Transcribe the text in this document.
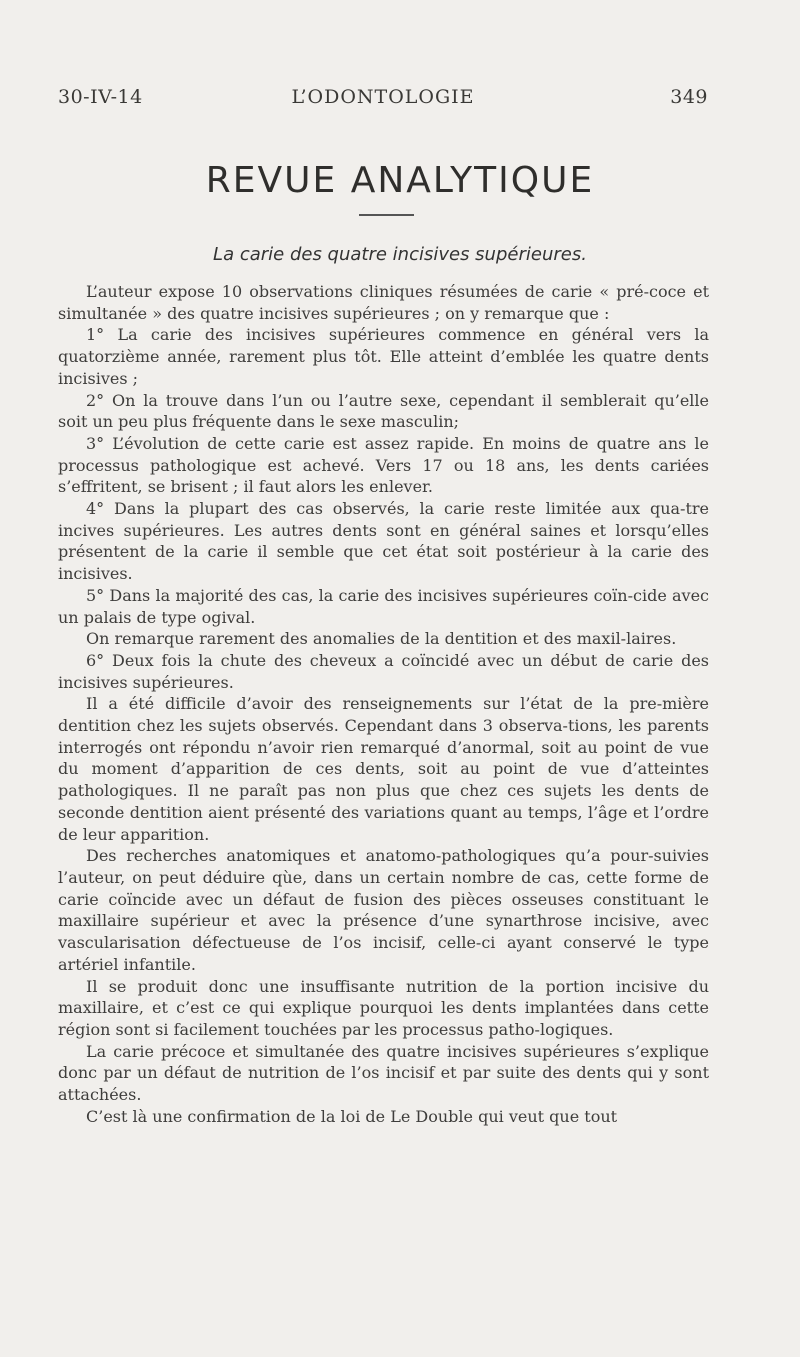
30-IV-14	L’ODONTOLOGIE	349
REVUE ANALYTIQUE
La carie des quatre incisives supérieures.

L’auteur expose 10 observations cliniques résumées de carie « pré-coce et simultanée » des quatre incisives supérieures ; on y remarque que :

1° La carie des incisives supérieures commence en général vers la quatorzième année, rarement plus tôt. Elle atteint d’emblée les quatre dents incisives ;

2° On la trouve dans l’un ou l’autre sexe, cependant il semblerait qu’elle soit un peu plus fréquente dans le sexe masculin;

3° L’évolution de cette carie est assez rapide. En moins de quatre ans le processus pathologique est achevé. Vers 17 ou 18 ans, les dents cariées s’effritent, se brisent ; il faut alors les enlever.

4° Dans la plupart des cas observés, la carie reste limitée aux qua-tre incives supérieures. Les autres dents sont en général saines et lorsqu’elles présentent de la carie il semble que cet état soit postérieur à la carie des incisives.

5° Dans la majorité des cas, la carie des incisives supérieures coïn-cide avec un palais de type ogival.

On remarque rarement des anomalies de la dentition et des maxil-laires.

6° Deux fois la chute des cheveux a coïncidé avec un début de carie des incisives supérieures.

Il a été difficile d’avoir des renseignements sur l’état de la pre-mière dentition chez les sujets observés. Cependant dans 3 observa-tions, les parents interrogés ont répondu n’avoir rien remarqué d’anormal, soit au point de vue du moment d’apparition de ces dents, soit au point de vue d’atteintes pathologiques. Il ne paraît pas non plus que chez ces sujets les dents de seconde dentition aient présenté des variations quant au temps, l’âge et l’ordre de leur apparition.

Des recherches anatomiques et anatomo-pathologiques qu’a pour-suivies l’auteur, on peut déduire qùe, dans un certain nombre de cas, cette forme de carie coïncide avec un défaut de fusion des pièces osseuses constituant le maxillaire supérieur et avec la présence d’une synarthrose incisive, avec vascularisation défectueuse de l’os incisif, celle-ci ayant conservé le type artériel infantile.

Il se produit donc une insuffisante nutrition de la portion incisive du maxillaire, et c’est ce qui explique pourquoi les dents implantées dans cette région sont si facilement touchées par les processus patho-logiques.

La carie précoce et simultanée des quatre incisives supérieures s’explique donc par un défaut de nutrition de l’os incisif et par suite des dents qui y sont attachées.

C’est là une confirmation de la loi de Le Double qui veut que tout
